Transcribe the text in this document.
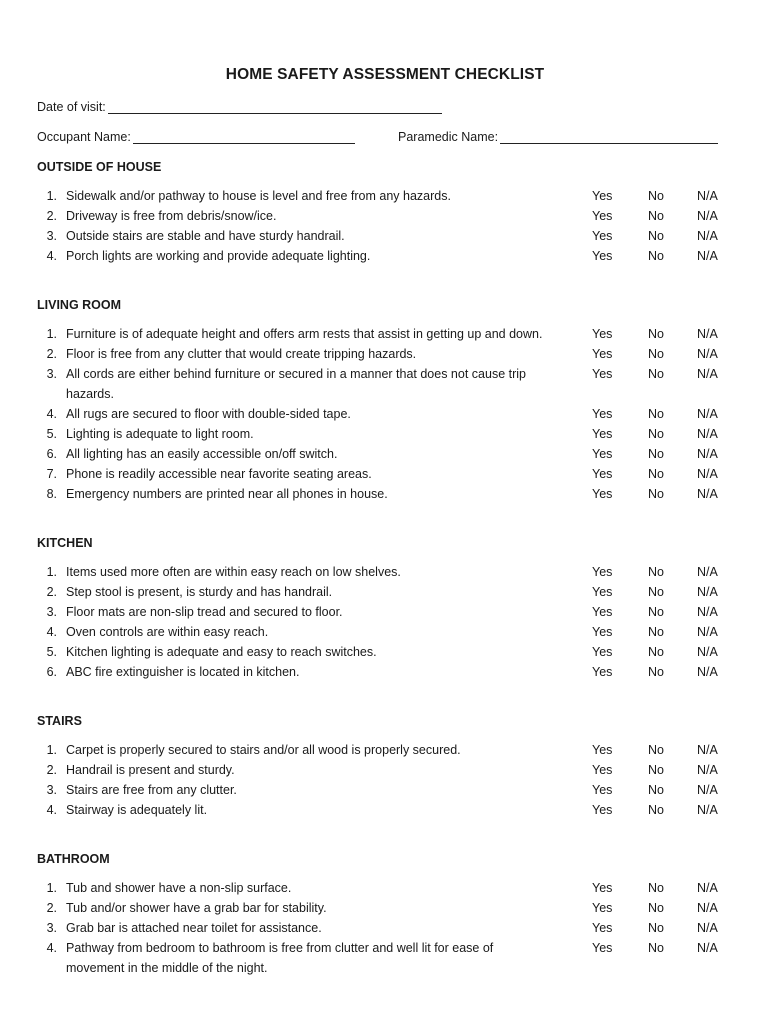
HOME SAFETY ASSESSMENT CHECKLIST
Date of visit:
Occupant Name:	Paramedic Name:
OUTSIDE OF HOUSE
1. Sidewalk and/or pathway to house is level and free from any hazards.	Yes	No	N/A
2. Driveway is free from debris/snow/ice.	Yes	No	N/A
3. Outside stairs are stable and have sturdy handrail.	Yes	No	N/A
4. Porch lights are working and provide adequate lighting.	Yes	No	N/A
LIVING ROOM
1. Furniture is of adequate height and offers arm rests that assist in getting up and down.	Yes	No	N/A
2. Floor is free from any clutter that would create tripping hazards.	Yes	No	N/A
3. All cords are either behind furniture or secured in a manner that does not cause trip hazards.
Yes	No	N/A
4. All rugs are secured to floor with double-sided tape.	Yes	No	N/A
5. Lighting is adequate to light room.	Yes	No	N/A
6. All lighting has an easily accessible on/off switch.	Yes	No	N/A
7. Phone is readily accessible near favorite seating areas.	Yes	No	N/A
8. Emergency numbers are printed near all phones in house.	Yes	No	N/A
KITCHEN
1. Items used more often are within easy reach on low shelves.	Yes	No	N/A
2. Step stool is present, is sturdy and has handrail.	Yes	No	N/A
3. Floor mats are non-slip tread and secured to floor.	Yes	No	N/A
4. Oven controls are within easy reach.	Yes	No	N/A
5. Kitchen lighting is adequate and easy to reach switches.	Yes	No	N/A
6. ABC fire extinguisher is located in kitchen.	Yes	No	N/A
STAIRS
1. Carpet is properly secured to stairs and/or all wood is properly secured.	Yes	No	N/A
2. Handrail is present and sturdy.	Yes	No	N/A
3. Stairs are free from any clutter.	Yes	No	N/A
4. Stairway is adequately lit.	Yes	No	N/A
BATHROOM
1. Tub and shower have a non-slip surface.	Yes	No	N/A
2. Tub and/or shower have a grab bar for stability.	Yes	No	N/A
3. Grab bar is attached near toilet for assistance.	Yes	No	N/A
4. Pathway from bedroom to bathroom is free from clutter and well lit for ease of movement in the middle of the night.
Yes	No	N/A
